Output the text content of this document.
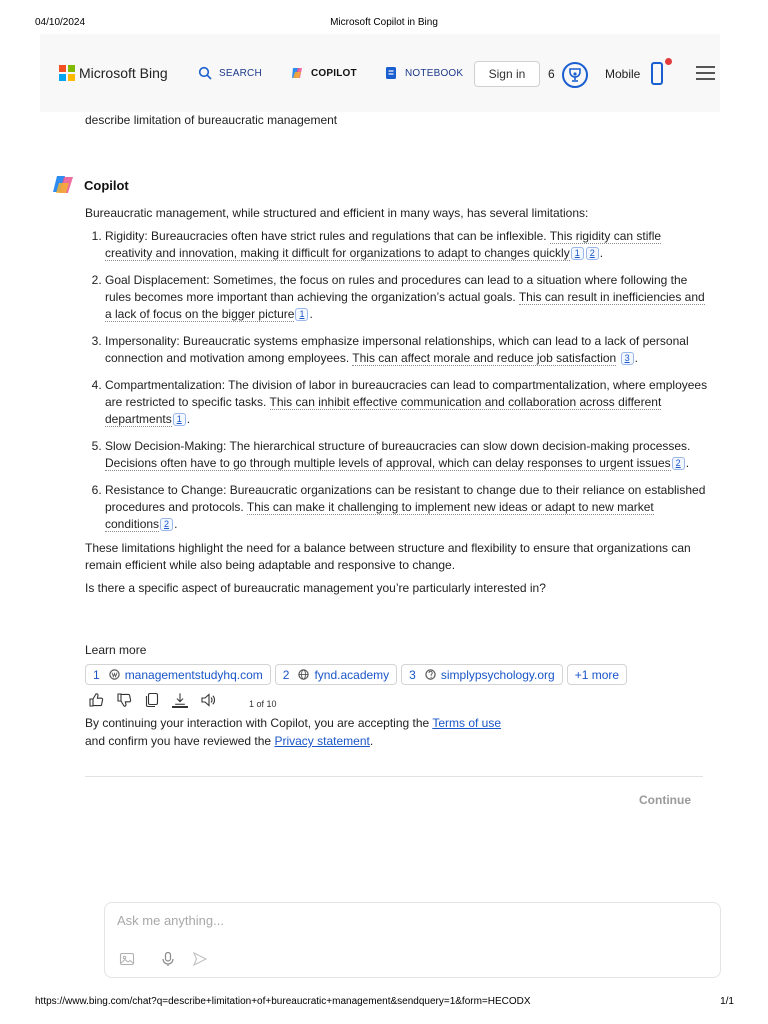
04/10/2024	Microsoft Copilot in Bing
Microsoft Bing	SEARCH	COPILOT	NOTEBOOK	Sign in	6	Mobile
describe limitation of bureaucratic management
Copilot

Bureaucratic management, while structured and efficient in many ways, has several limitations:

1. Rigidity: Bureaucracies often have strict rules and regulations that can be inflexible. This rigidity can stifle creativity and innovation, making it difficult for organizations to adapt to changes quickly 1 2 .
2. Goal Displacement: Sometimes, the focus on rules and procedures can lead to a situation where following the rules becomes more important than achieving the organization’s actual goals. This can result in inefficiencies and a lack of focus on the bigger picture 1 .
3. Impersonality: Bureaucratic systems emphasize impersonal relationships, which can lead to a lack of personal connection and motivation among employees. This can affect morale and reduce job satisfaction 3 .
4. Compartmentalization: The division of labor in bureaucracies can lead to compartmentalization, where employees are restricted to specific tasks. This can inhibit effective communication and collaboration across different departments 1 .
5. Slow Decision-Making: The hierarchical structure of bureaucracies can slow down decision-making processes. Decisions often have to go through multiple levels of approval, which can delay responses to urgent issues 2 .
6. Resistance to Change: Bureaucratic organizations can be resistant to change due to their reliance on established procedures and protocols. This can make it challenging to implement new ideas or adapt to new market conditions 2 .

These limitations highlight the need for a balance between structure and flexibility to ensure that organizations can remain efficient while also being adaptable and responsive to change.

Is there a specific aspect of bureaucratic management you’re particularly interested in?

Learn more
1 managementstudyhq.com 2 fynd.academy 3 simplypsychology.org +1 more
1 of 10
By continuing your interaction with Copilot, you are accepting the Terms of use
and confirm you have reviewed the Privacy statement.
Continue
Ask me anything...
https://www.bing.com/chat?q=describe+limitation+of+bureaucratic+management&sendquery=1&form=HECODX	1/1
